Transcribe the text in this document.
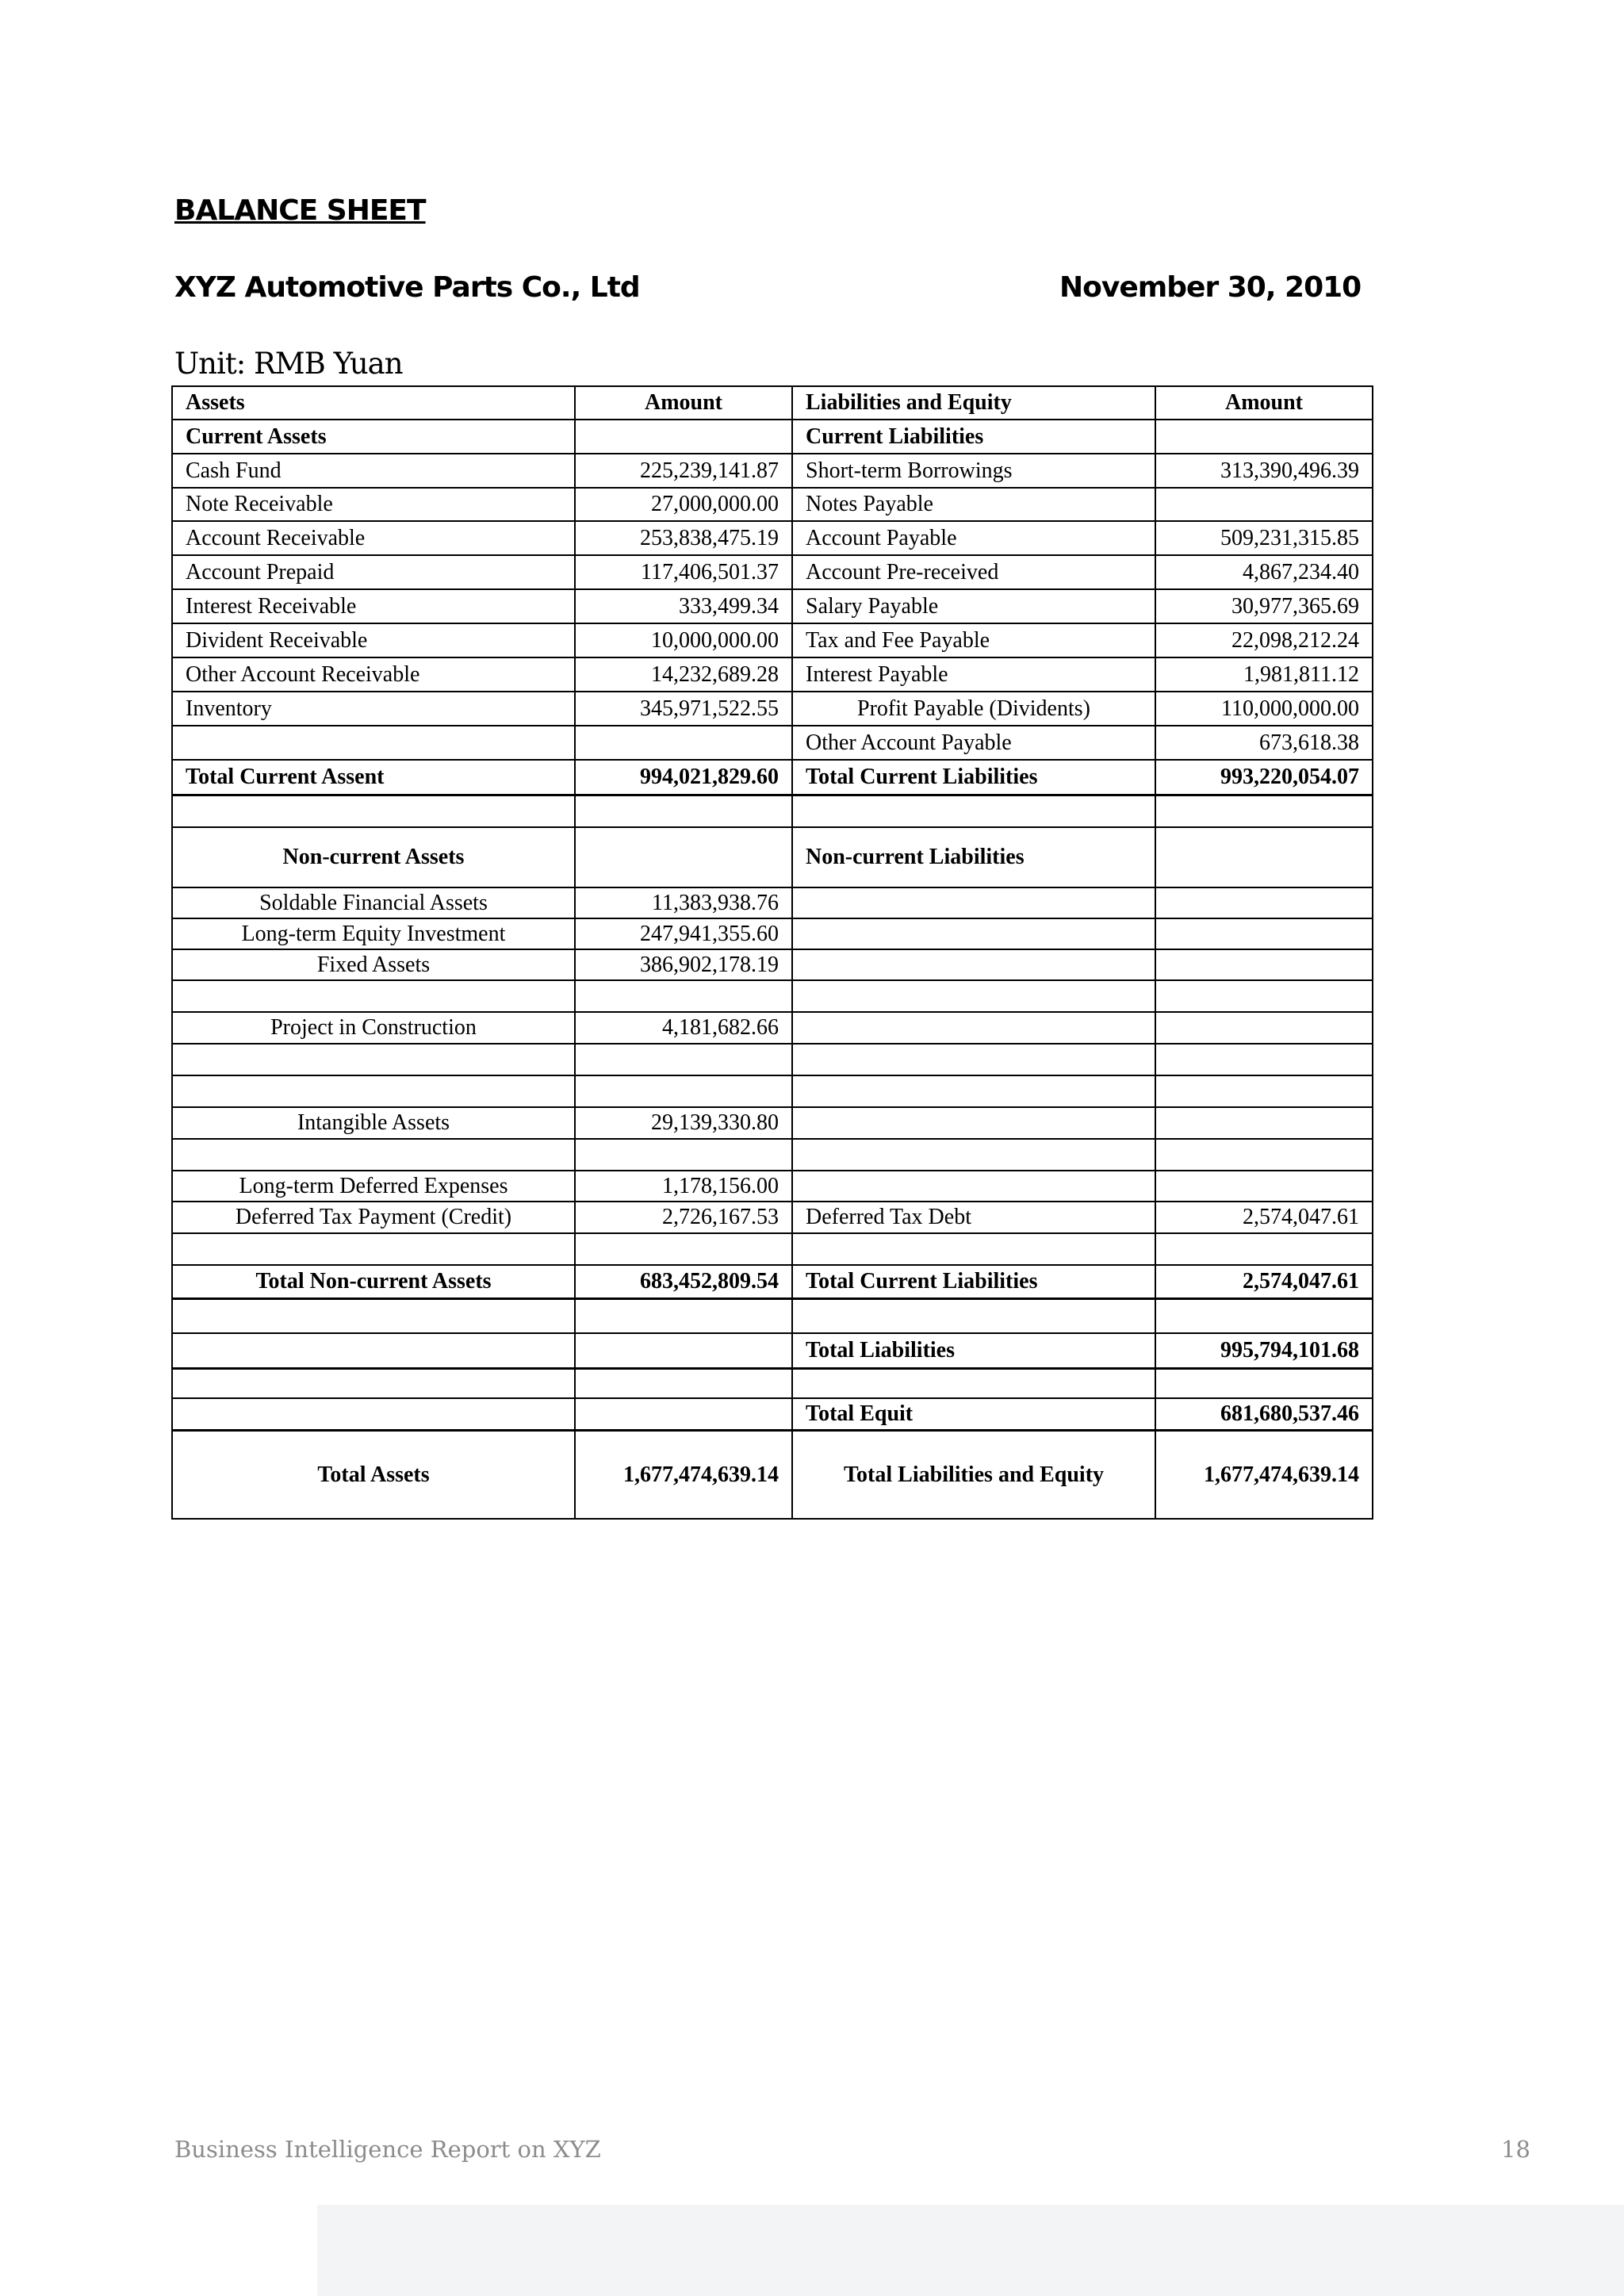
BALANCE SHEET
XYZ Automotive Parts Co., Ltd	November 30, 2010

Unit: RMB Yuan

Assets	Amount	Liabilities and Equity	Amount
Current Assets		Current Liabilities	
Cash Fund	225,239,141.87	Short-term Borrowings	313,390,496.39
Note Receivable	27,000,000.00	Notes Payable	
Account Receivable	253,838,475.19	Account Payable	509,231,315.85
Account Prepaid	117,406,501.37	Account Pre-received	4,867,234.40
Interest Receivable	333,499.34	Salary Payable	30,977,365.69
Divident Receivable	10,000,000.00	Tax and Fee Payable	22,098,212.24
Other Account Receivable	14,232,689.28	Interest Payable	1,981,811.12
Inventory	345,971,522.55	Profit Payable (Dividents)	110,000,000.00
		Other Account Payable	673,618.38
Total Current Assent	994,021,829.60	Total Current Liabilities	993,220,054.07

Non-current Assets		Non-current Liabilities	
Soldable Financial Assets	11,383,938.76		
Long-term Equity Investment	247,941,355.60		
Fixed Assets	386,902,178.19		

Project in Construction	4,181,682.66		

Intangible Assets	29,139,330.80		

Long-term Deferred Expenses	1,178,156.00		
Deferred Tax Payment (Credit)	2,726,167.53	Deferred Tax Debt	2,574,047.61

Total Non-current Assets	683,452,809.54	Total Current Liabilities	2,574,047.61

		Total Liabilities	995,794,101.68

		Total Equit	681,680,537.46
Total Assets	1,677,474,639.14	Total Liabilities and Equity	1,677,474,639.14

Business Intelligence Report on XYZ	18
